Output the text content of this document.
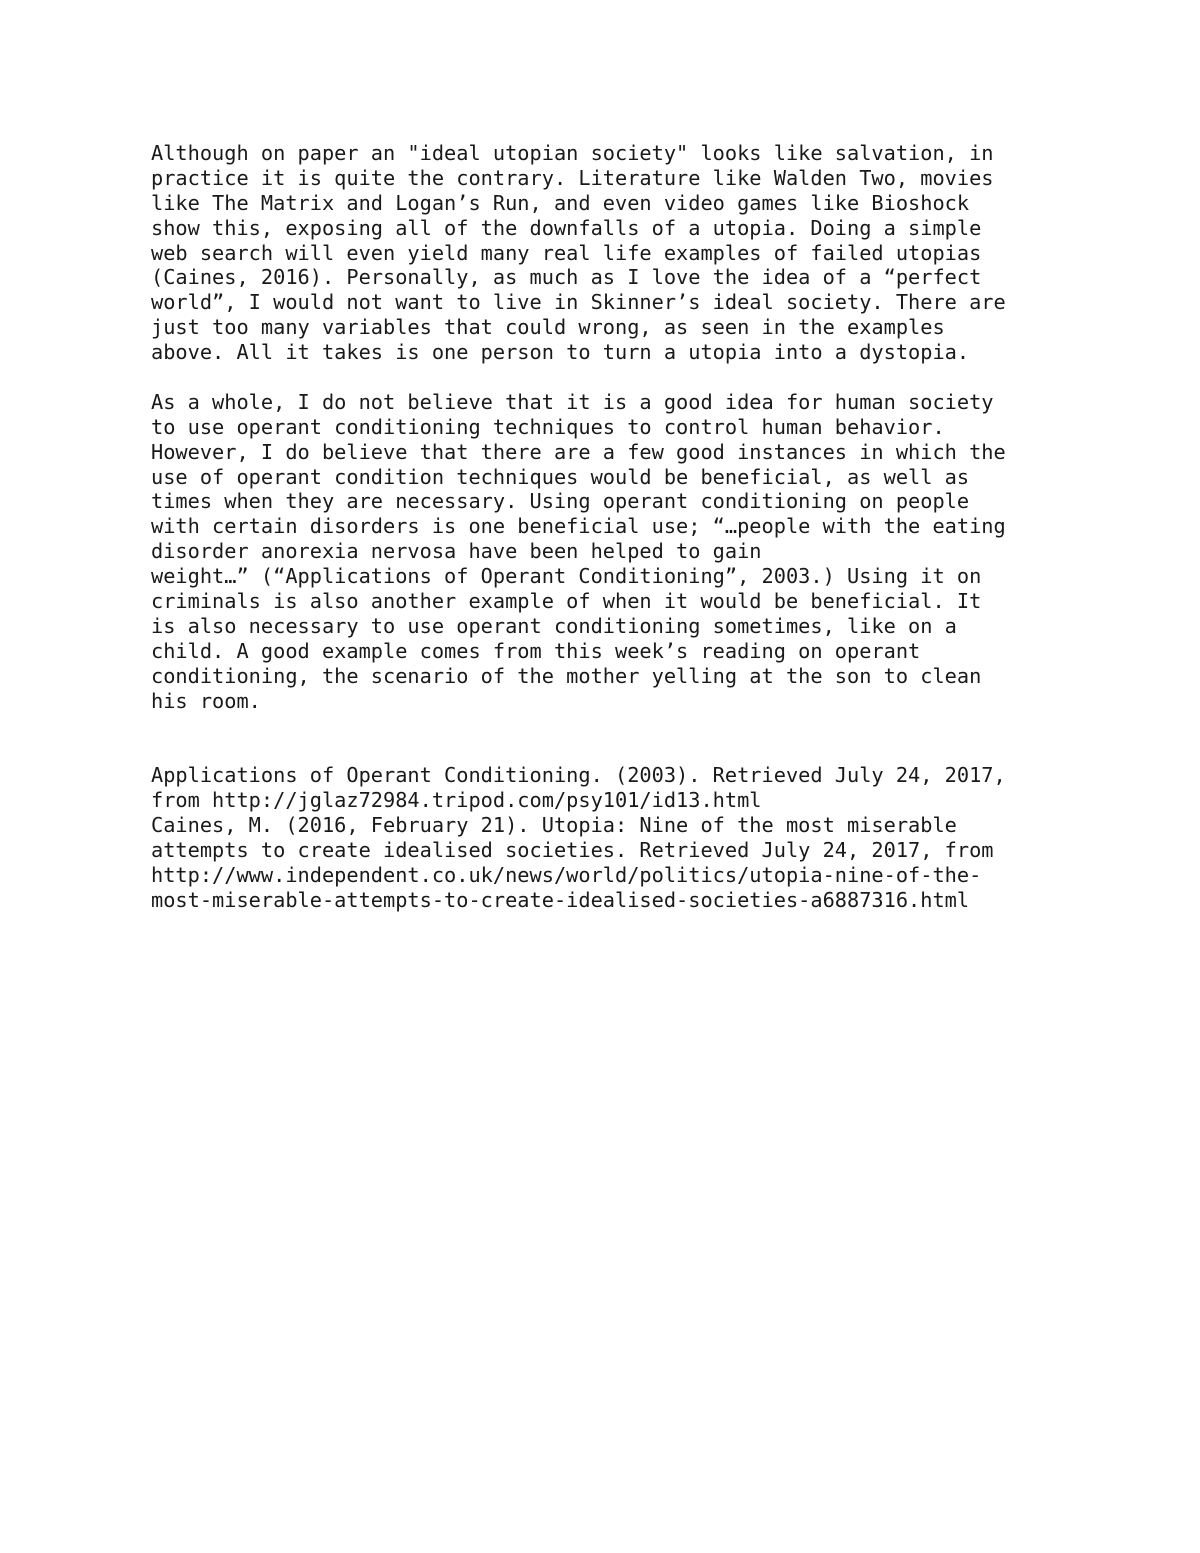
Although on paper an "ideal utopian society" looks like salvation, in
practice it is quite the contrary. Literature like Walden Two, movies
like The Matrix and Logan’s Run, and even video games like Bioshock
show this, exposing all of the downfalls of a utopia. Doing a simple
web search will even yield many real life examples of failed utopias
(Caines, 2016). Personally, as much as I love the idea of a “perfect
world”, I would not want to live in Skinner’s ideal society. There are
just too many variables that could wrong, as seen in the examples
above. All it takes is one person to turn a utopia into a dystopia.
As a whole, I do not believe that it is a good idea for human society
to use operant conditioning techniques to control human behavior.
However, I do believe that there are a few good instances in which the
use of operant condition techniques would be beneficial, as well as
times when they are necessary. Using operant conditioning on people
with certain disorders is one beneficial use; “…people with the eating
disorder anorexia nervosa have been helped to gain
weight…” (“Applications of Operant Conditioning”, 2003.) Using it on
criminals is also another example of when it would be beneficial. It
is also necessary to use operant conditioning sometimes, like on a
child. A good example comes from this week’s reading on operant
conditioning, the scenario of the mother yelling at the son to clean
his room.
Applications of Operant Conditioning. (2003). Retrieved July 24, 2017,
from http://jglaz72984.tripod.com/psy101/id13.html
Caines, M. (2016, February 21). Utopia: Nine of the most miserable
attempts to create idealised societies. Retrieved July 24, 2017, from
http://www.independent.co.uk/news/world/politics/utopia-nine-of-the-
most-miserable-attempts-to-create-idealised-societies-a6887316.html
